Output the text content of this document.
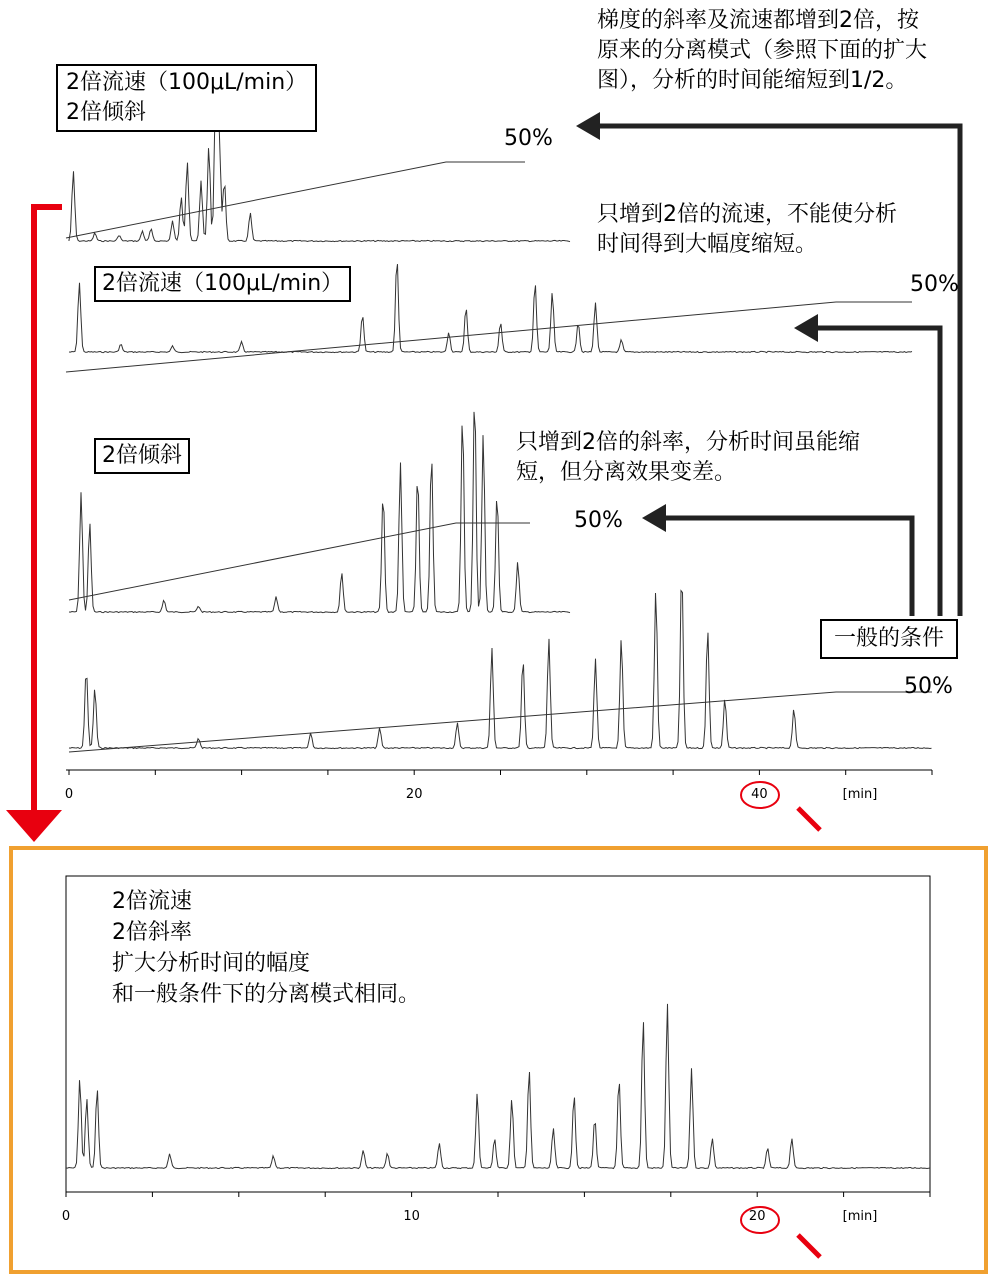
0	20	40	[min]
0	10	20	[min]
梯度的斜率及流速都增到2倍，按
原来的分离模式（参照下面的扩大
图），分析的时间能缩短到1/2。
2倍流速（100μL/min）
2倍倾斜
50%
只增到2倍的流速，不能使分析
时间得到大幅度缩短。
2倍流速（100μL/min）	50%
2倍倾斜
只增到2倍的斜率，分析时间虽能缩
短，但分离效果变差。
50%
一般的条件
50%
2倍流速
2倍斜率
扩大分析时间的幅度
和一般条件下的分离模式相同。
